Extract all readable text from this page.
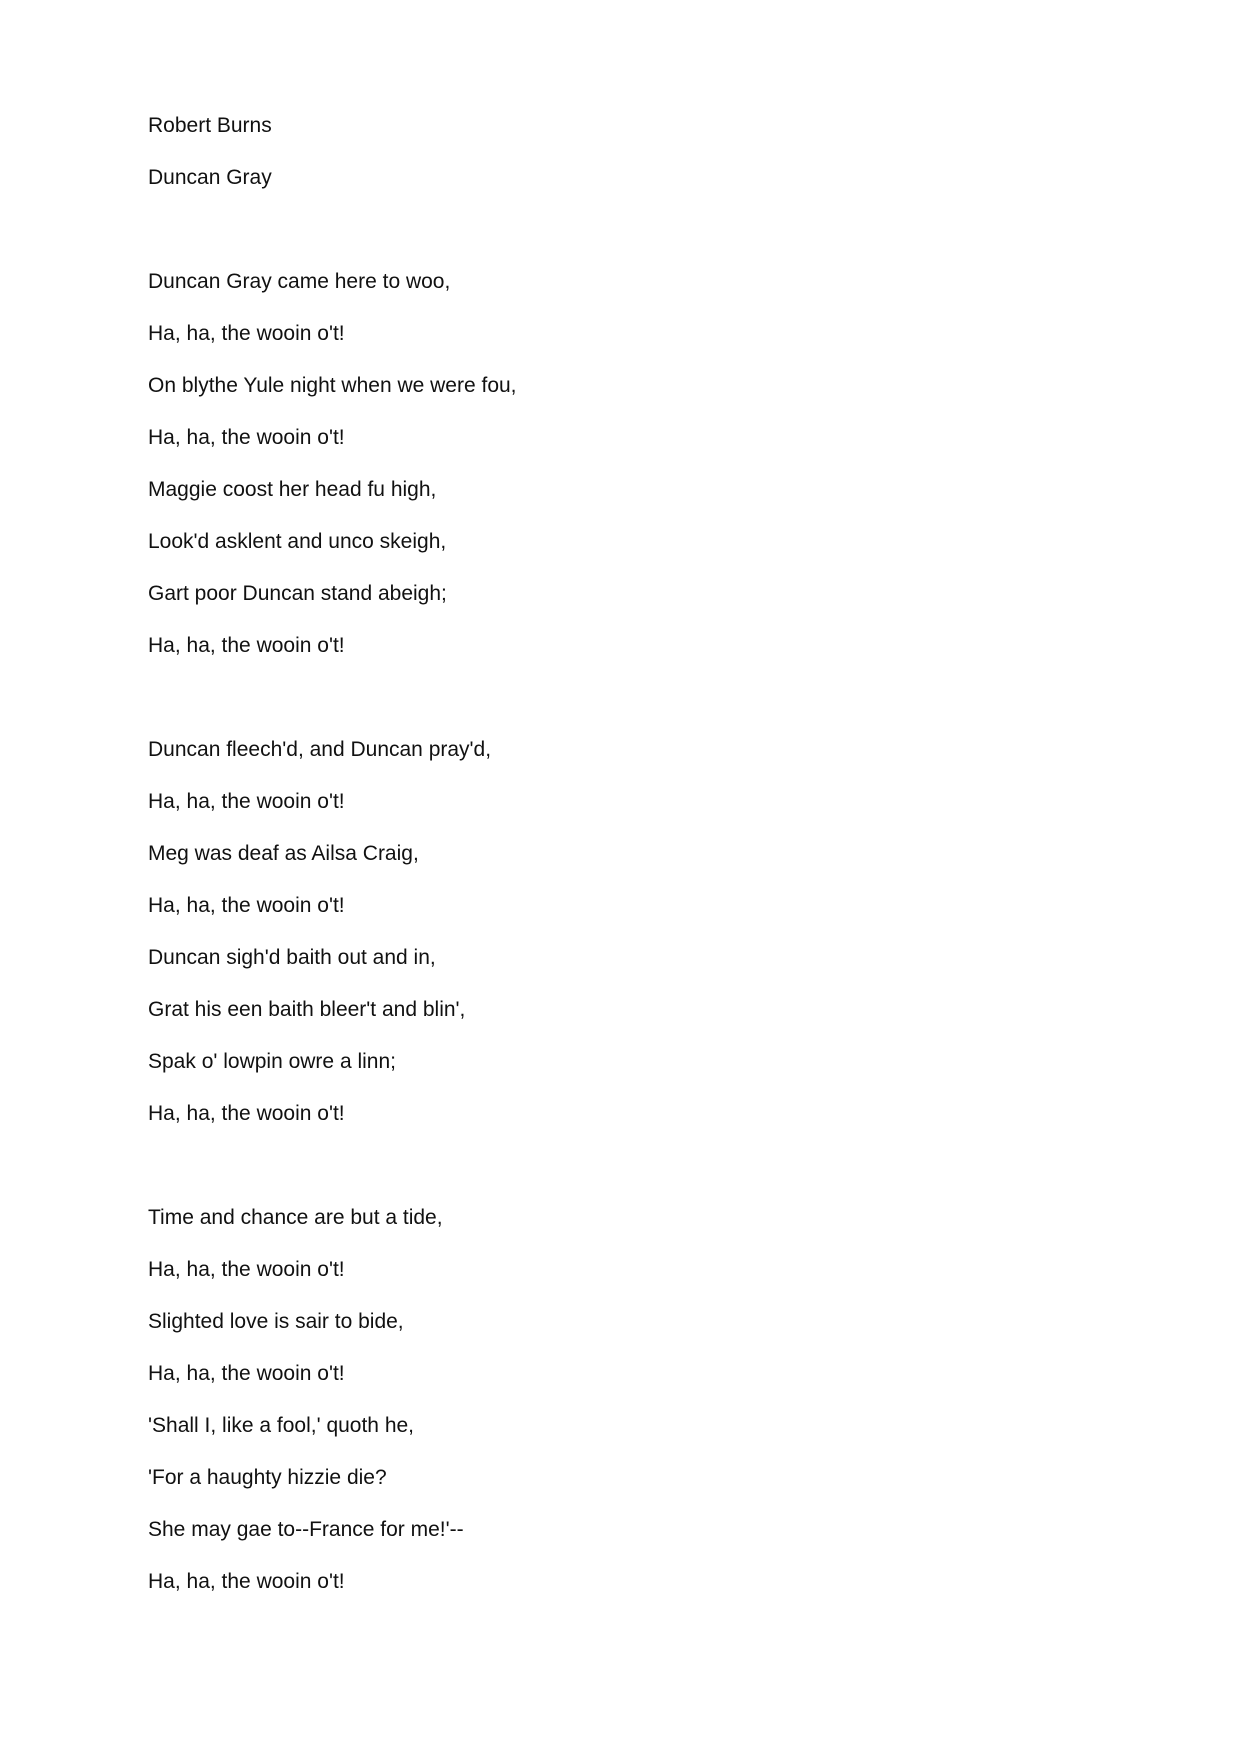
Robert Burns
Duncan Gray
Duncan Gray came here to woo,
Ha, ha, the wooin o't!
On blythe Yule night when we were fou,
Ha, ha, the wooin o't!
Maggie coost her head fu high,
Look'd asklent and unco skeigh,
Gart poor Duncan stand abeigh;
Ha, ha, the wooin o't!
Duncan fleech'd, and Duncan pray'd,
Ha, ha, the wooin o't!
Meg was deaf as Ailsa Craig,
Ha, ha, the wooin o't!
Duncan sigh'd baith out and in,
Grat his een baith bleer't and blin',
Spak o' lowpin owre a linn;
Ha, ha, the wooin o't!
Time and chance are but a tide,
Ha, ha, the wooin o't!
Slighted love is sair to bide,
Ha, ha, the wooin o't!
'Shall I, like a fool,' quoth he,
'For a haughty hizzie die?
She may gae to--France for me!'--
Ha, ha, the wooin o't!
